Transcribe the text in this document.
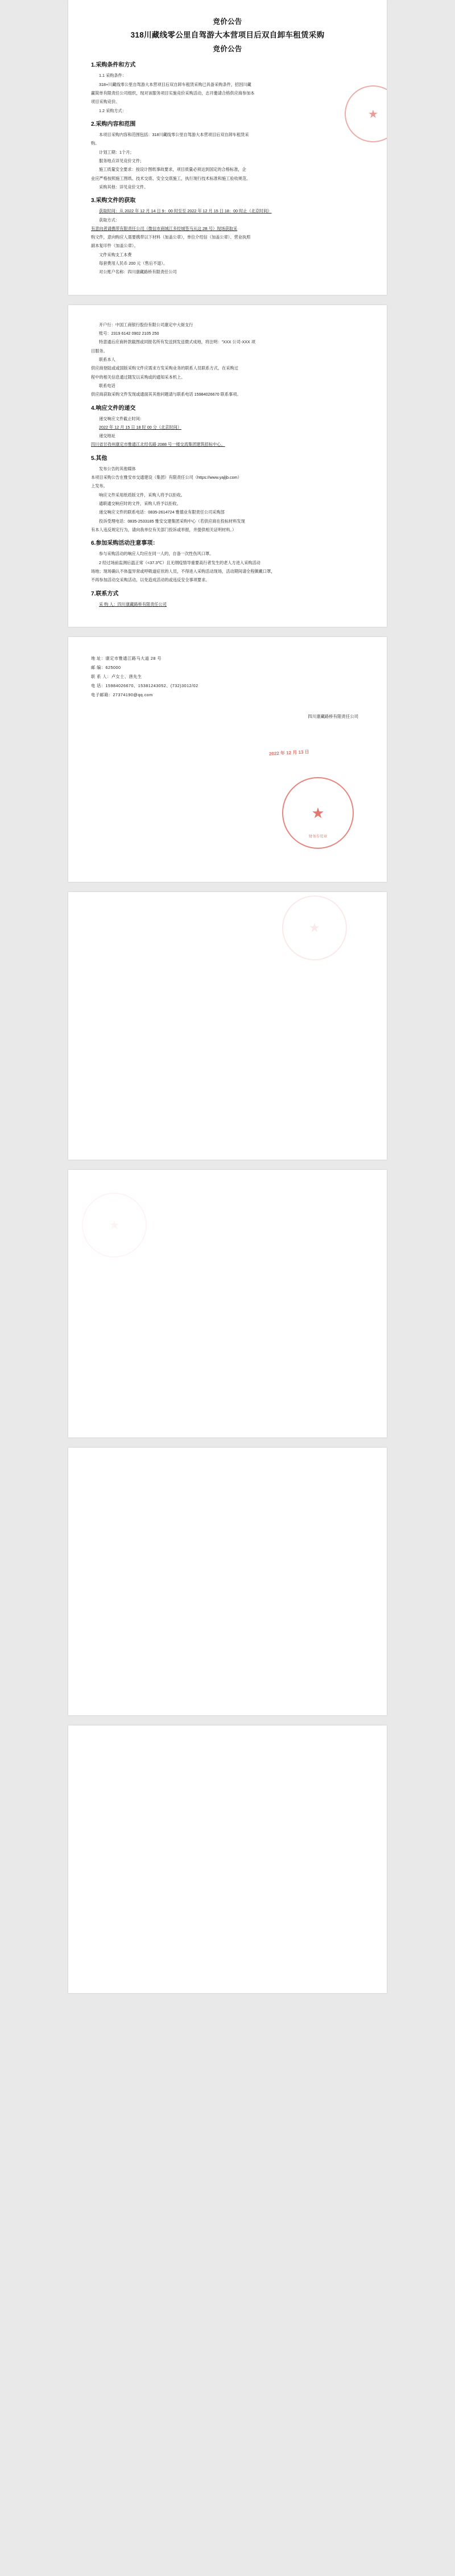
★
竞价公告
318川藏线零公里自驾游大本营项目后双自卸车租赁采购
竞价公告
1.采购条件和方式

1.1 采购条件：

318+川藏线零公里自驾游大本营项目后双自卸车租赁采购已具备采购条件，招因川藏

赢简单有限责任公司组织，现对该服务项目实施竞价采购活动，志开邀请合格供应商参加本

项目采购竞价。

1.2 采购方式：

2.采购内容和范围

本项目采购内容和范围包括：318川藏线零公里自驾游大本营项目后双自卸车租赁采

购。

计划工期：1个月；

服务地点详见竞价文件；

施工质量安全要求：按设计图纸事故要求，项目质量必须达到国定的合格标准，企

业应严格按照施工图纸、技术交底、安全交底施工，执行现行技术标准和施工验收规范。

采购其他：详见竞价文件。

3.采购文件的获取

获取时间：从 2022 年 12 月 14 日 9：00 时至至 2022 年 12 月 15 日 18：00 时止（北京时间）

获取方式：

有意向者请携带有限责任公司（微信市商城江多经城签马从这 2B 号）现场获取采

购文件，意向购应人需要携带以下材料（加盖公章），单位介绍信（加盖公章）、营业执照

副本复印件（加盖公章）。

文件采购支工本费

每套费用人民币 200 元（售后不退）。

对公账户名称：四川康藏路桥有限责任公司

开户行：中国工商银行股份有限公司康定中大街支行

账号：2319 6142 0902 2105 250

特意通后应商转款截图或同报名所有发送到发送微式成地，将注明："XXX 公司-XXX 项

目服务。

联系本人

供应商登陆或或国版采购文件应需求方发采购业务的联系人员联系方式，在采购过

程中的相关信息通过随发以采购或的通知采本机上。

联系电话

供应商获取采购文件发现或通面其其他问题请与联系电话 15984026670 联系事项。

4.响应文件的递交

递交响应文件截止时间：

2022 年 12 月 15 日 18 时 00 分（北京时间）

递交地址

四川省甘孜州康定市雅通江北经名路 2088 号一楼交流集团建筑招标中心。

5.其他

发布公告的其他媒体

本项目采购公告在雅安市交通建设（集团）有限责任公司（https://www.yajljb.com）

上发布。

响应文件采用纸质版文件，采购人将予以拒收。

通联通交响应时的文件，采购人将予以拒收。

递交响应文件的联系电话：0835-2614724 雅德业有限责任公司采购部

投诉受理电话：0835-2533185 雅安交建集团采购中心（若供应商在投标材料发现

有本人违反规定行为，请向我单位有关部门投诉或举报，并提供相关证明材料。）

6.参加采购活动注意事项：

参与采购活动的响应人均应在同一人的，自备一次性伤风口罩。

2 经过场前监测后温正常（<37.3℃）且无纲疫情导重要高行者发生的老人方进入采购活动

场地；现场确认不体温异常或呼吸道症状的人员，不得进入采购活动现场，活动期间请全程佩戴口罩，

不再参加活动交采购活动，以免造成活动的或违反安全事项要求。

7.联系方式

采 购 人：四川康藏路桥有限责任公司

地 址：康定市雅通江路马大道 28 号
邮 编：625000
联 系 人：卢女士、唐先生
电 话：15984026670、15381243052、(732)3012/02
电子邮箱：27374190@qq.com
四川康藏路桥有限责任公司
2022 年 12 月 13 日
★
财务专用章
★
★
